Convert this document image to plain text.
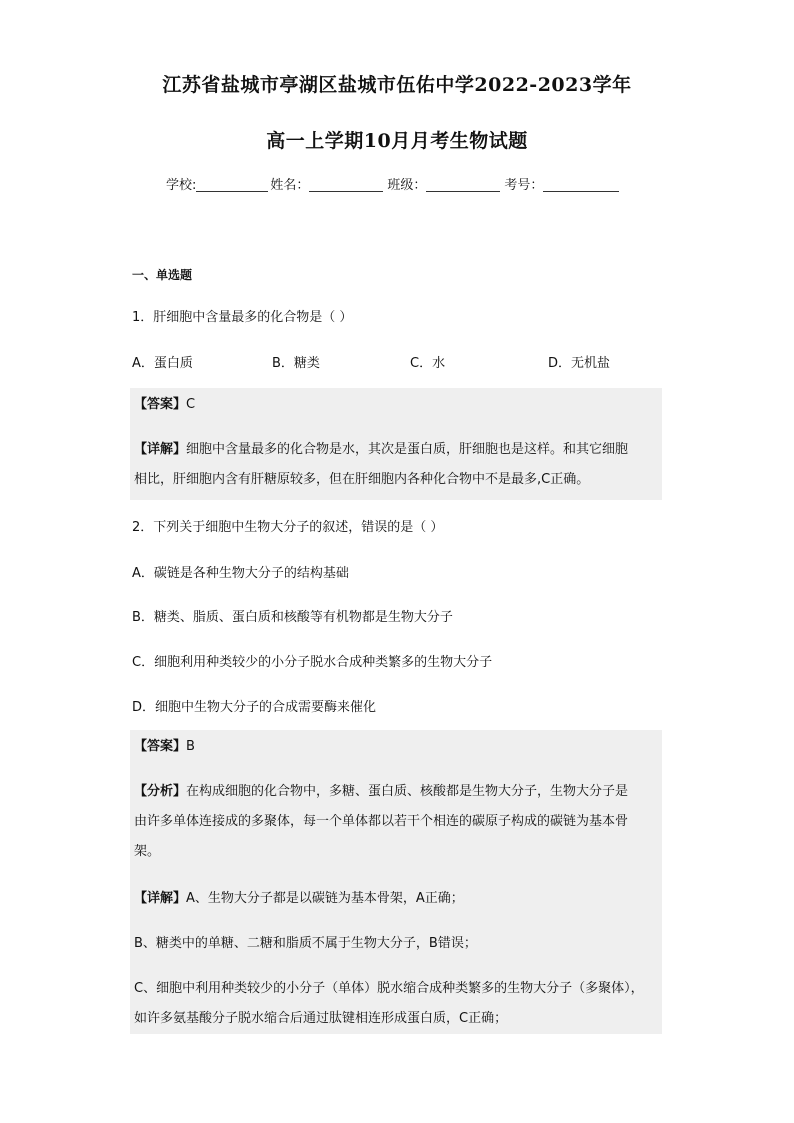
江苏省盐城市亭湖区盐城市伍佑中学2022-2023学年
高一上学期10月月考生物试题
学校:	姓名：	班级：	考号：
一、单选题
1．肝细胞中含量最多的化合物是（ ）
A．蛋白质	B．糖类	C．水	D．无机盐
【答案】C
【详解】细胞中含量最多的化合物是水，其次是蛋白质，肝细胞也是这样。和其它细胞
相比，肝细胞内含有肝糖原较多，但在肝细胞内各种化合物中不是最多,C正确。
2．下列关于细胞中生物大分子的叙述，错误的是（ ）
A．碳链是各种生物大分子的结构基础
B．糖类、脂质、蛋白质和核酸等有机物都是生物大分子
C．细胞利用种类较少的小分子脱水合成种类繁多的生物大分子
D．细胞中生物大分子的合成需要酶来催化
【答案】B
【分析】在构成细胞的化合物中，多糖、蛋白质、核酸都是生物大分子，生物大分子是
由许多单体连接成的多聚体，每一个单体都以若干个相连的碳原子构成的碳链为基本骨
架。
【详解】A、生物大分子都是以碳链为基本骨架，A正确；
B、糖类中的单糖、二糖和脂质不属于生物大分子，B错误；
C、细胞中利用种类较少的小分子（单体）脱水缩合成种类繁多的生物大分子（多聚体），
如许多氨基酸分子脱水缩合后通过肽键相连形成蛋白质，C正确；
